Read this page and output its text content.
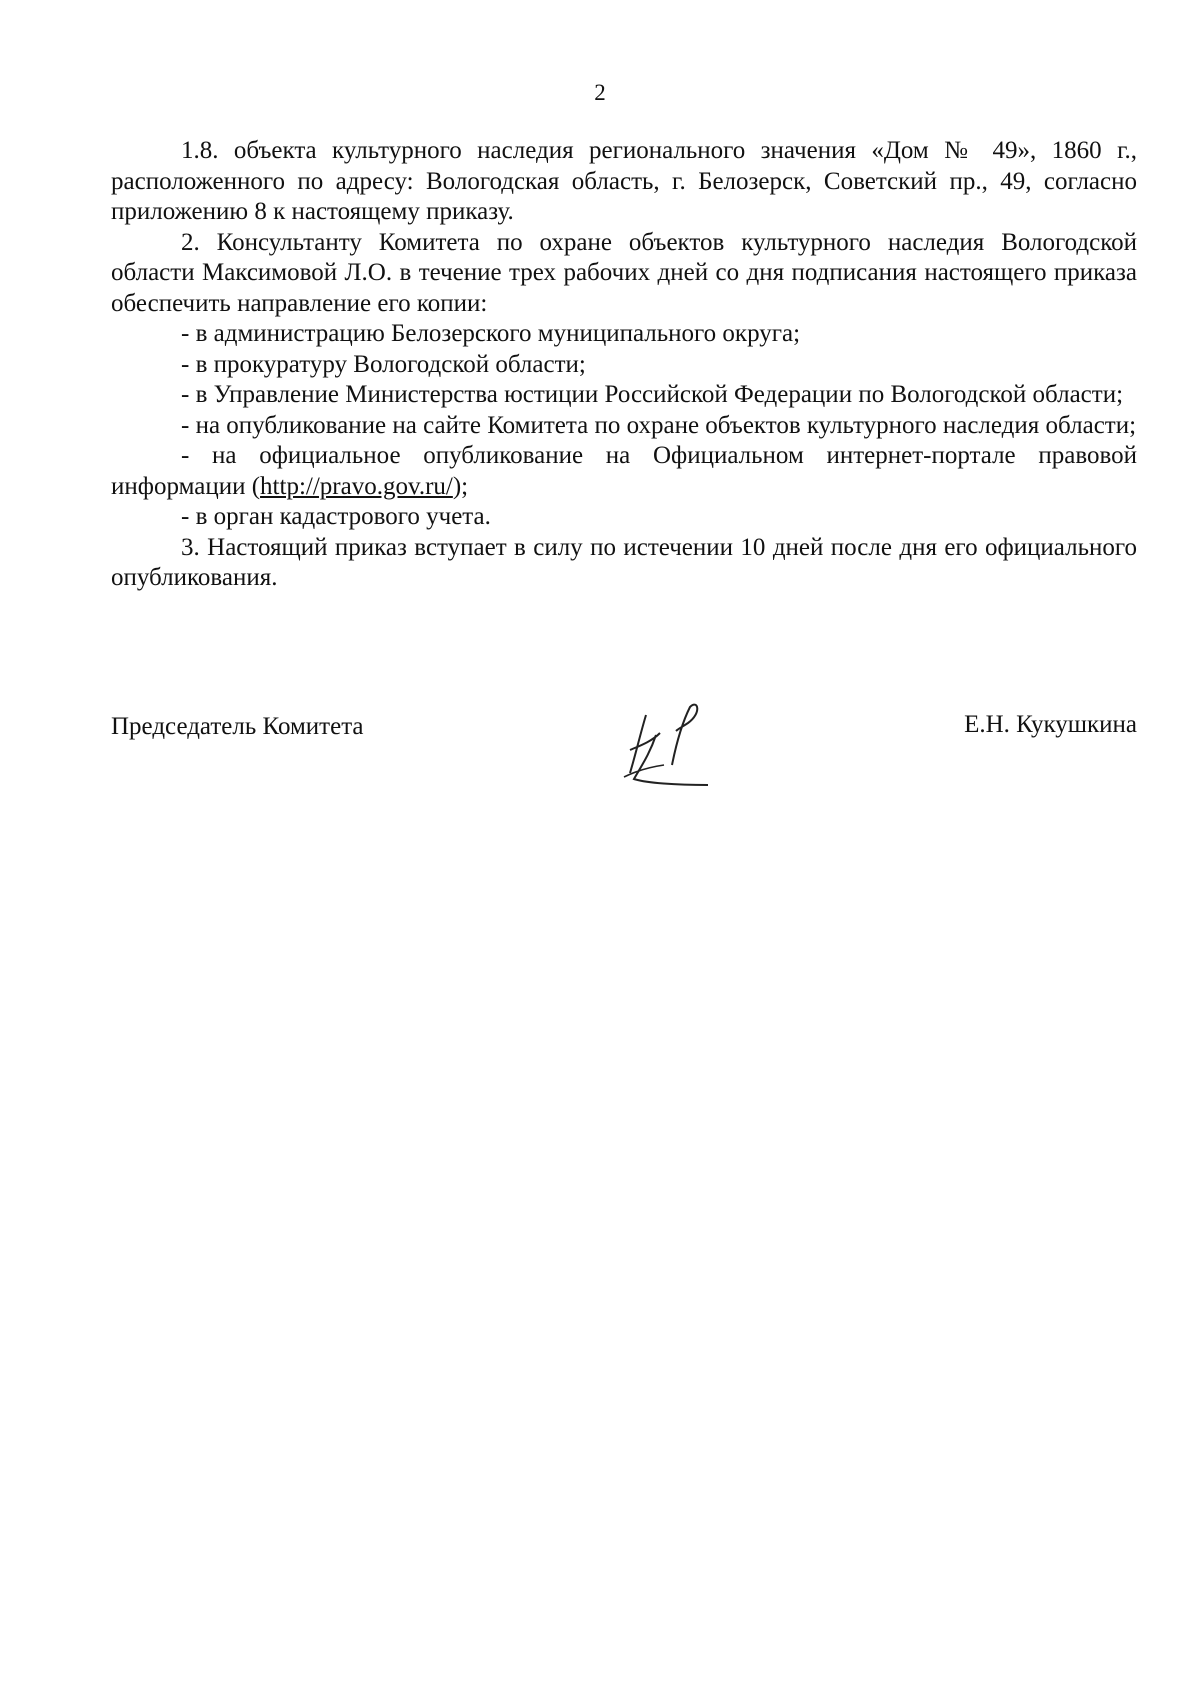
2

1.8. объекта культурного наследия регионального значения «Дом № 49», 1860 г., расположенного по адресу: Вологодская область, г. Белозерск, Советский пр., 49, согласно приложению 8 к настоящему приказу.

2. Консультанту Комитета по охране объектов культурного наследия Вологодской области Максимовой Л.О. в течение трех рабочих дней со дня подписания настоящего приказа обеспечить направление его копии:

- в администрацию Белозерского муниципального округа;

- в прокуратуру Вологодской области;

- в Управление Министерства юстиции Российской Федерации по Вологодской области;

- на опубликование на сайте Комитета по охране объектов культурного наследия области;

- на официальное опубликование на Официальном интернет-портале правовой информации (http://pravo.gov.ru/);

- в орган кадастрового учета.

3. Настоящий приказ вступает в силу по истечении 10 дней после дня его официального опубликования.

Председатель Комитета	Е.Н. Кукушкина
